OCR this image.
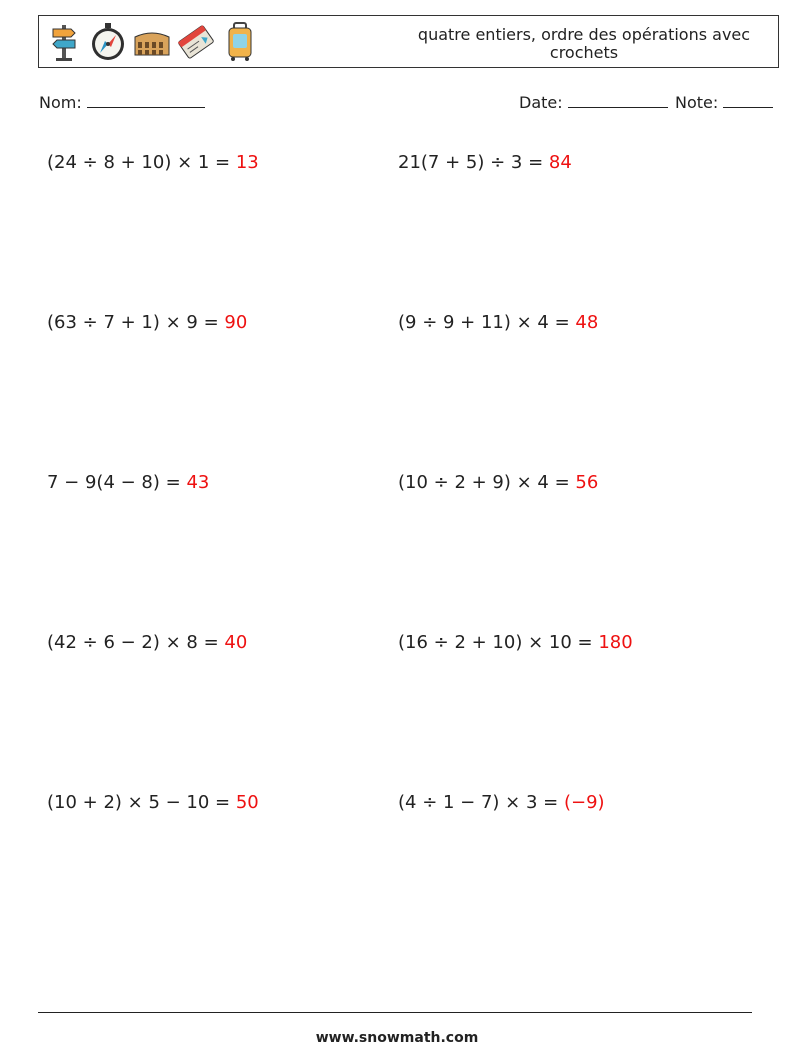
quatre entiers, ordre des opérations avec crochets
Nom:	Date:	Note:
(24 ÷ 8 + 10) × 1 = 13	21(7 + 5) ÷ 3 = 84
(63 ÷ 7 + 1) × 9 = 90	(9 ÷ 9 + 11) × 4 = 48
7 − 9(4 − 8) = 43	(10 ÷ 2 + 9) × 4 = 56
(42 ÷ 6 − 2) × 8 = 40	(16 ÷ 2 + 10) × 10 = 180
(10 + 2) × 5 − 10 = 50	(4 ÷ 1 − 7) × 3 = (−9)
www.snowmath.com
